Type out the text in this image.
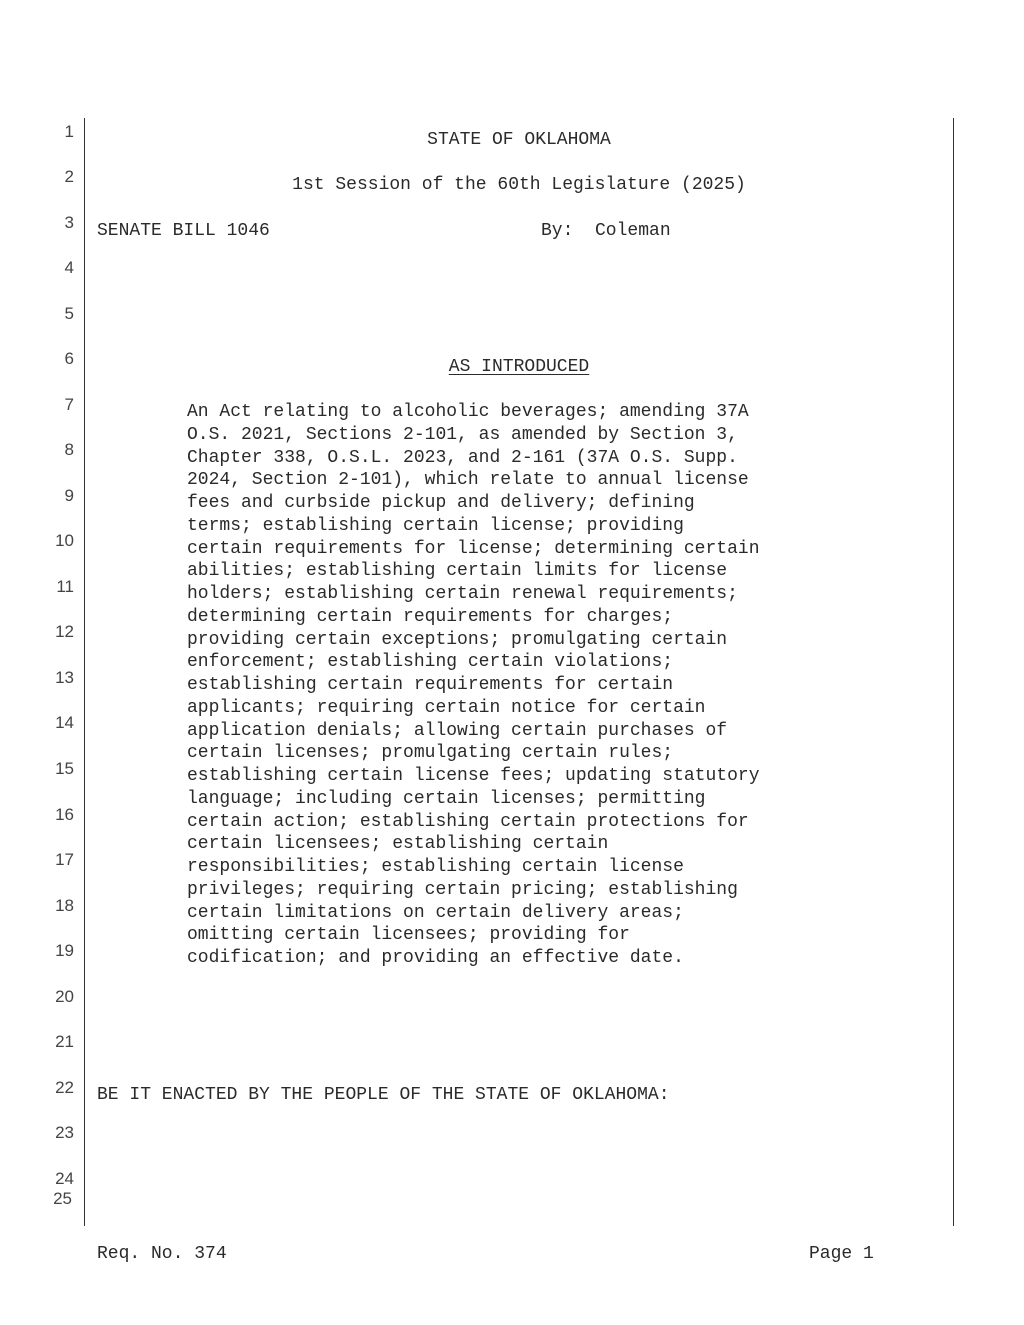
1
2
3
4
5
6
7
8
9
10
11
12
13
14
15
16
17
18
19
20
21
22
23
24
25
STATE OF OKLAHOMA
1st Session of the 60th Legislature (2025)
SENATE BILL 1046	By:  Coleman
AS INTRODUCED
An Act relating to alcoholic beverages; amending 37A
O.S. 2021, Sections 2-101, as amended by Section 3,
Chapter 338, O.S.L. 2023, and 2-161 (37A O.S. Supp.
2024, Section 2-101), which relate to annual license
fees and curbside pickup and delivery; defining
terms; establishing certain license; providing
certain requirements for license; determining certain
abilities; establishing certain limits for license
holders; establishing certain renewal requirements;
determining certain requirements for charges;
providing certain exceptions; promulgating certain
enforcement; establishing certain violations;
establishing certain requirements for certain
applicants; requiring certain notice for certain
application denials; allowing certain purchases of
certain licenses; promulgating certain rules;
establishing certain license fees; updating statutory
language; including certain licenses; permitting
certain action; establishing certain protections for
certain licensees; establishing certain
responsibilities; establishing certain license
privileges; requiring certain pricing; establishing
certain limitations on certain delivery areas;
omitting certain licensees; providing for
codification; and providing an effective date.
BE IT ENACTED BY THE PEOPLE OF THE STATE OF OKLAHOMA:
Req. No. 374	Page 1
